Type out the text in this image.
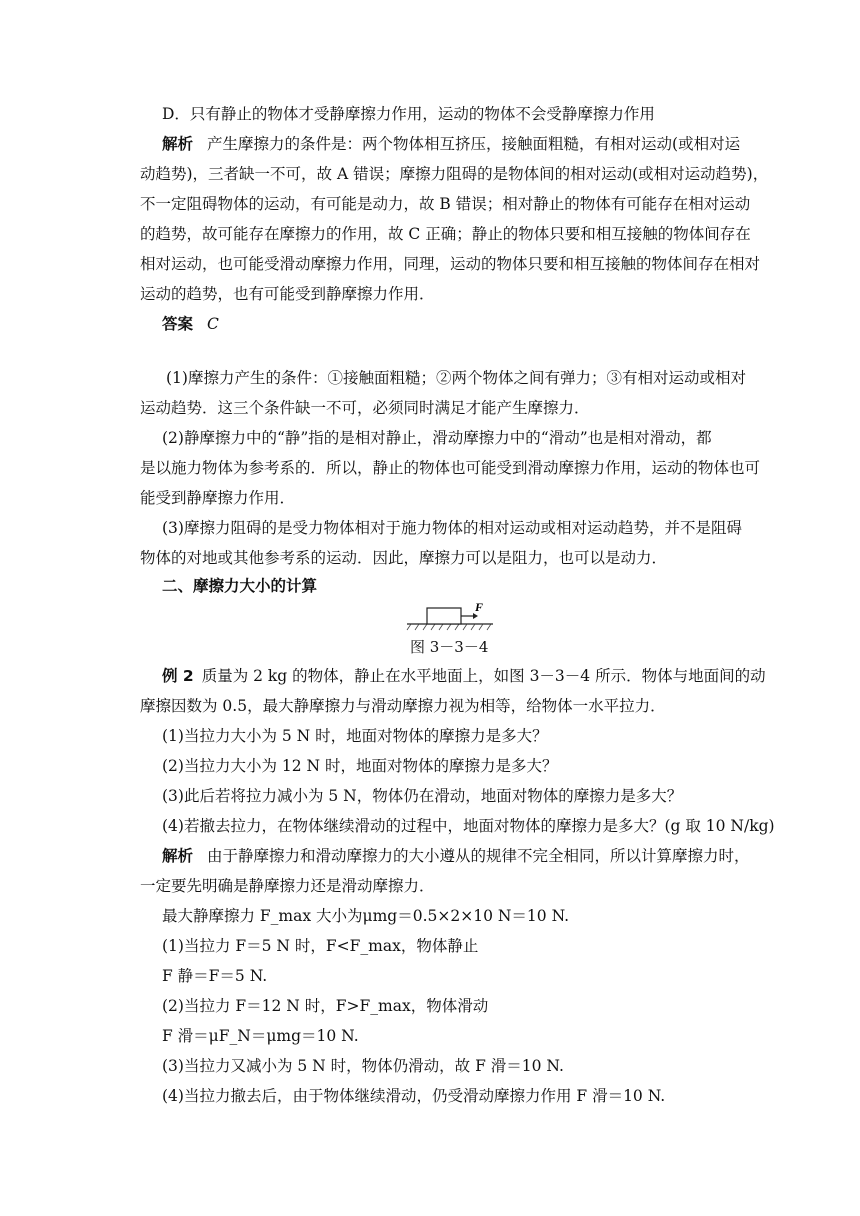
D．只有静止的物体才受静摩擦力作用，运动的物体不会受静摩擦力作用
解析 产生摩擦力的条件是：两个物体相互挤压，接触面粗糙，有相对运动(或相对运
动趋势)，三者缺一不可，故 A 错误；摩擦力阻碍的是物体间的相对运动(或相对运动趋势)，
不一定阻碍物体的运动，有可能是动力，故 B 错误；相对静止的物体有可能存在相对运动
的趋势，故可能存在摩擦力的作用，故 C 正确；静止的物体只要和相互接触的物体间存在
相对运动，也可能受滑动摩擦力作用，同理，运动的物体只要和相互接触的物体间存在相对
运动的趋势，也有可能受到静摩擦力作用．
答案 C
(1)摩擦力产生的条件：①接触面粗糙；②两个物体之间有弹力；③有相对运动或相对
运动趋势．这三个条件缺一不可，必须同时满足才能产生摩擦力．
(2)静摩擦力中的“静”指的是相对静止，滑动摩擦力中的“滑动”也是相对滑动，都
是以施力物体为参考系的．所以，静止的物体也可能受到滑动摩擦力作用，运动的物体也可
能受到静摩擦力作用．
(3)摩擦力阻碍的是受力物体相对于施力物体的相对运动或相对运动趋势，并不是阻碍
物体的对地或其他参考系的运动．因此，摩擦力可以是阻力，也可以是动力．
二、摩擦力大小的计算
F
图 3－3－4
例 2 质量为 2 kg 的物体，静止在水平地面上，如图 3－3－4 所示．物体与地面间的动
摩擦因数为 0.5，最大静摩擦力与滑动摩擦力视为相等，给物体一水平拉力．
(1)当拉力大小为 5 N 时，地面对物体的摩擦力是多大？
(2)当拉力大小为 12 N 时，地面对物体的摩擦力是多大？
(3)此后若将拉力减小为 5 N，物体仍在滑动，地面对物体的摩擦力是多大？
(4)若撤去拉力，在物体继续滑动的过程中，地面对物体的摩擦力是多大？(g 取 10 N/kg)
解析 由于静摩擦力和滑动摩擦力的大小遵从的规律不完全相同，所以计算摩擦力时，
一定要先明确是静摩擦力还是滑动摩擦力．
最大静摩擦力 F_max 大小为μmg＝0.5×2×10 N＝10 N.
(1)当拉力 F＝5 N 时，F<F_max，物体静止
F 静＝F＝5 N.
(2)当拉力 F＝12 N 时，F>F_max，物体滑动
F 滑＝μF_N＝μmg＝10 N.
(3)当拉力又减小为 5 N 时，物体仍滑动，故 F 滑＝10 N.
(4)当拉力撤去后，由于物体继续滑动，仍受滑动摩擦力作用 F 滑＝10 N.
